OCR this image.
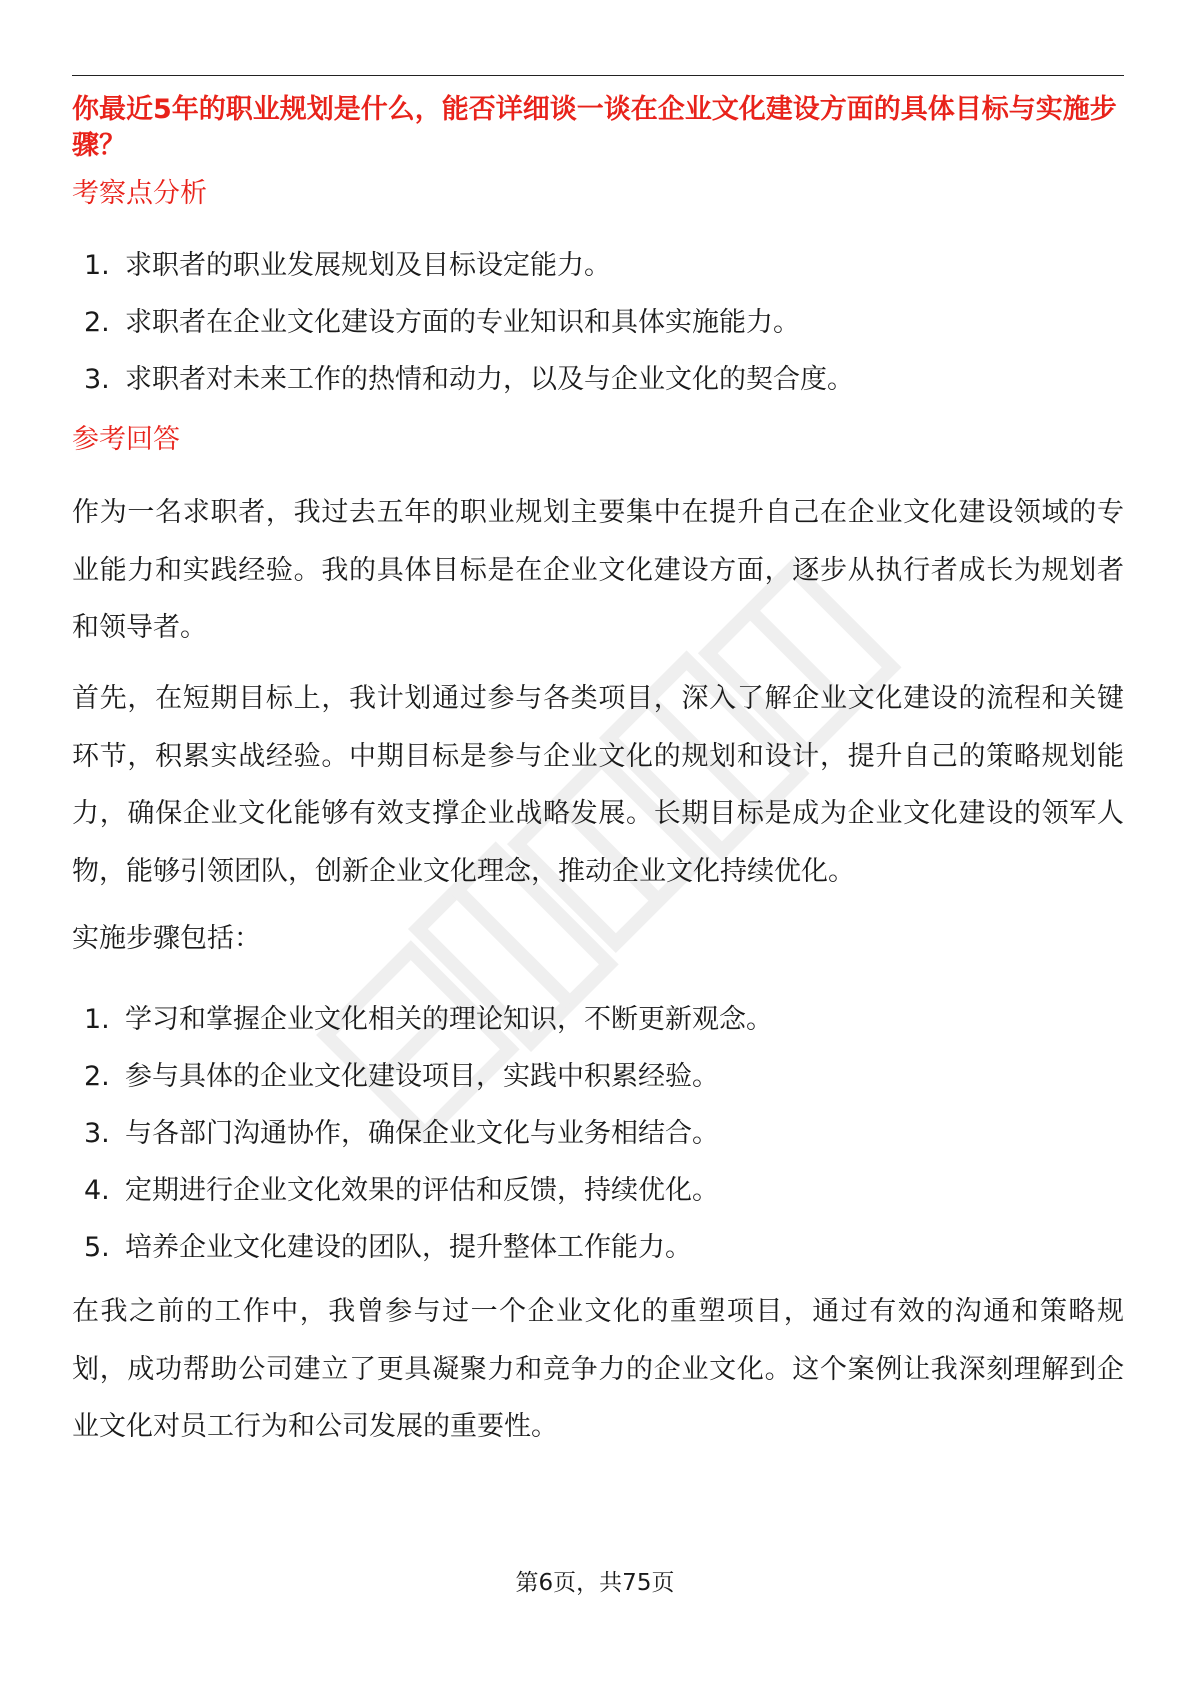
你最近5年的职业规划是什么，能否详细谈一谈在企业文化建设方面的具体目标与实施步骤？
考察点分析
1. 求职者的职业发展规划及目标设定能力。
2. 求职者在企业文化建设方面的专业知识和具体实施能力。
3. 求职者对未来工作的热情和动力，以及与企业文化的契合度。
参考回答

作为一名求职者，我过去五年的职业规划主要集中在提升自己在企业文化建设领域的专业能力和实践经验。我的具体目标是在企业文化建设方面，逐步从执行者成长为规划者和领导者。

首先，在短期目标上，我计划通过参与各类项目，深入了解企业文化建设的流程和关键环节，积累实战经验。中期目标是参与企业文化的规划和设计，提升自己的策略规划能力，确保企业文化能够有效支撑企业战略发展。长期目标是成为企业文化建设的领军人物，能够引领团队，创新企业文化理念，推动企业文化持续优化。

实施步骤包括：

1. 学习和掌握企业文化相关的理论知识，不断更新观念。
2. 参与具体的企业文化建设项目，实践中积累经验。
3. 与各部门沟通协作，确保企业文化与业务相结合。
4. 定期进行企业文化效果的评估和反馈，持续优化。
5. 培养企业文化建设的团队，提升整体工作能力。

在我之前的工作中，我曾参与过一个企业文化的重塑项目，通过有效的沟通和策略规划，成功帮助公司建立了更具凝聚力和竞争力的企业文化。这个案例让我深刻理解到企业文化对员工行为和公司发展的重要性。

第6页，共75页
